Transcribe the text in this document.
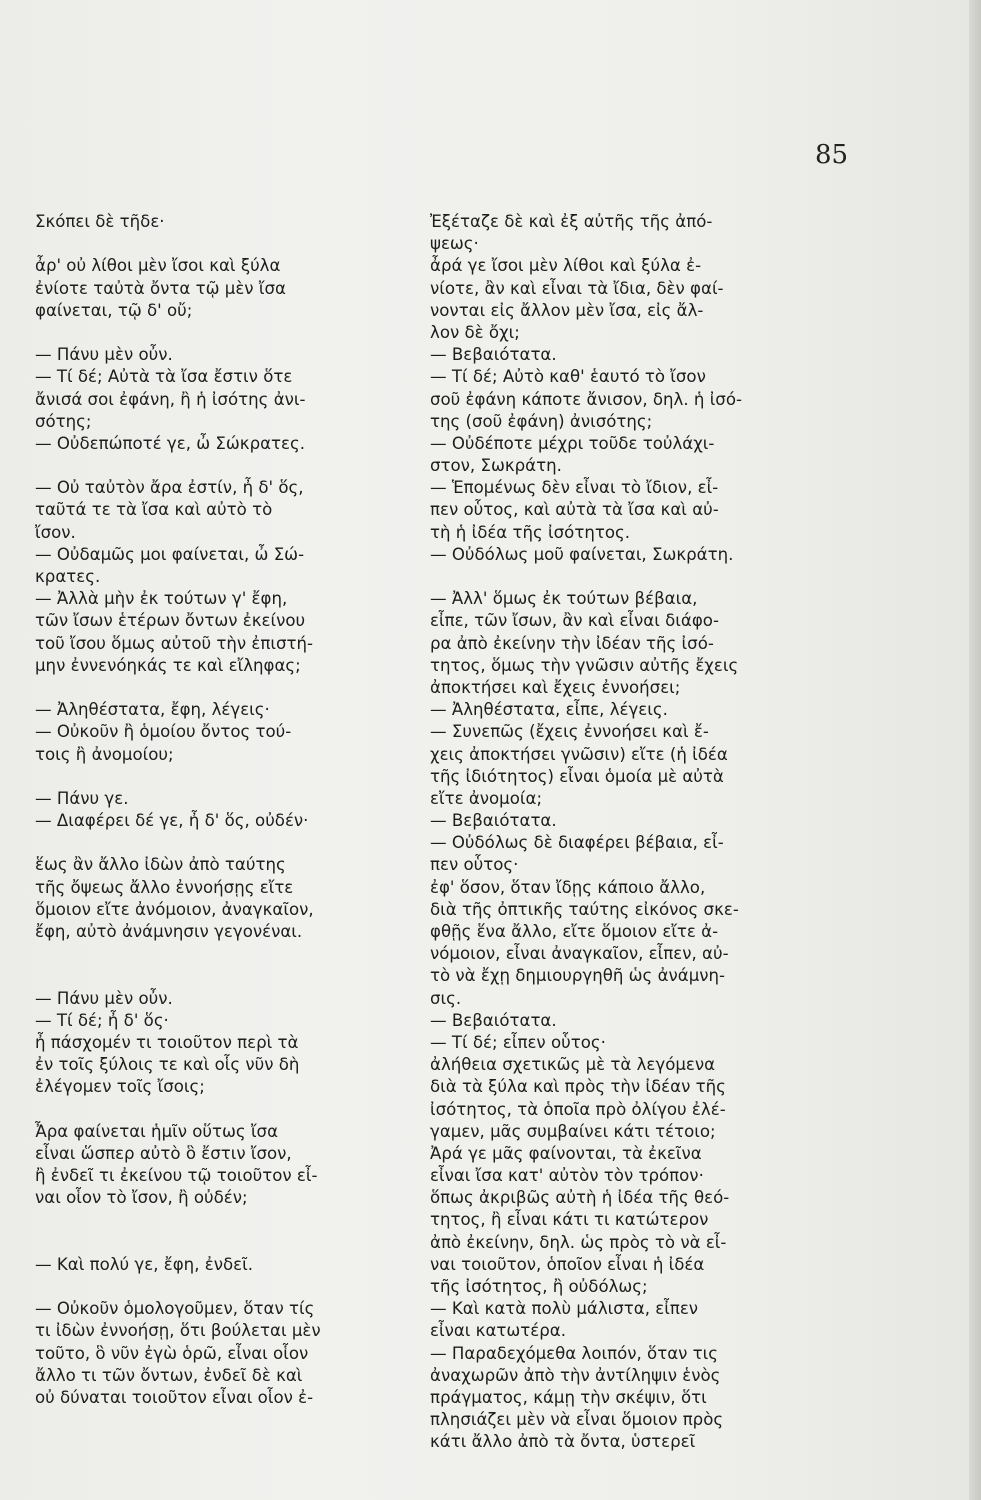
85
Σκόπει δὲ τῆδε·
ἆρ' οὐ λίθοι μὲν ἴσοι καὶ ξύλα
ἐνίοτε ταὐτὰ ὄντα τῷ μὲν ἴσα
φαίνεται, τῷ δ' οὔ;
— Πάνυ μὲν οὖν.
— Τί δέ; Αὐτὰ τὰ ἴσα ἔστιν ὅτε
ἄνισά σοι ἐφάνη, ἢ ἡ ἰσότης ἀνι-
σότης;
— Οὐδεπώποτέ γε, ὦ Σώκρατες.
— Οὐ ταὐτὸν ἄρα ἐστίν, ἦ δ' ὅς,
ταῦτά τε τὰ ἴσα καὶ αὐτὸ τὸ
ἴσον.
— Οὐδαμῶς μοι φαίνεται, ὦ Σώ-
κρατες.
— Ἀλλὰ μὴν ἐκ τούτων γ' ἔφη,
τῶν ἴσων ἑτέρων ὄντων ἐκείνου
τοῦ ἴσου ὅμως αὐτοῦ τὴν ἐπιστή-
μην ἐννενόηκάς τε καὶ εἴληφας;
— Ἀληθέστατα, ἔφη, λέγεις·
— Οὐκοῦν ἢ ὁμοίου ὄντος τού-
τοις ἢ ἀνομοίου;
— Πάνυ γε.
— Διαφέρει δέ γε, ἦ δ' ὅς, οὐδέν·
ἕως ἂν ἄλλο ἰδὼν ἀπὸ ταύτης
τῆς ὄψεως ἄλλο ἐννοήσῃς εἴτε
ὅμοιον εἴτε ἀνόμοιον, ἀναγκαῖον,
ἔφη, αὐτὸ ἀνάμνησιν γεγονέναι.
— Πάνυ μὲν οὖν.
— Τί δέ; ἦ δ' ὅς·
ἦ πάσχομέν τι τοιοῦτον περὶ τὰ
ἐν τοῖς ξύλοις τε καὶ οἷς νῦν δὴ
ἐλέγομεν τοῖς ἴσοις;
Ἆρα φαίνεται ἡμῖν οὕτως ἴσα
εἶναι ὥσπερ αὐτὸ ὃ ἔστιν ἴσον,
ἢ ἐνδεῖ τι ἐκείνου τῷ τοιοῦτον εἶ-
ναι οἷον τὸ ἴσον, ἢ οὐδέν;
— Καὶ πολύ γε, ἔφη, ἐνδεῖ.
— Οὐκοῦν ὁμολογοῦμεν, ὅταν τίς
τι ἰδὼν ἐννοήσῃ, ὅτι βούλεται μὲν
τοῦτο, ὃ νῦν ἐγὼ ὁρῶ, εἶναι οἷον
ἄλλο τι τῶν ὄντων, ἐνδεῖ δὲ καὶ
οὐ δύναται τοιοῦτον εἶναι οἷον ἐ-
Ἐξέταζε δὲ καὶ ἐξ αὐτῆς τῆς ἀπό-
ψεως·
ἆρά γε ἴσοι μὲν λίθοι καὶ ξύλα ἐ-
νίοτε, ἂν καὶ εἶναι τὰ ἴδια, δὲν φαί-
νονται εἰς ἄλλον μὲν ἴσα, εἰς ἄλ-
λον δὲ ὄχι;
— Βεβαιότατα.
— Τί δέ; Αὐτὸ καθ' ἑαυτό τὸ ἴσον
σοῦ ἐφάνη κάποτε ἄνισον, δηλ. ἡ ἰσό-
της (σοῦ ἐφάνη) ἀνισότης;
— Οὐδέποτε μέχρι τοῦδε τοὐλάχι-
στον, Σωκράτη.
— Ἑπομένως δὲν εἶναι τὸ ἴδιον, εἶ-
πεν οὗτος, καὶ αὐτὰ τὰ ἴσα καὶ αὐ-
τὴ ἡ ἰδέα τῆς ἰσότητος.
— Οὐδόλως μοῦ φαίνεται, Σωκράτη.
— Ἀλλ' ὅμως ἐκ τούτων βέβαια,
εἶπε, τῶν ἴσων, ἂν καὶ εἶναι διάφο-
ρα ἀπὸ ἐκείνην τὴν ἰδέαν τῆς ἰσό-
τητος, ὅμως τὴν γνῶσιν αὐτῆς ἔχεις
ἀποκτήσει καὶ ἔχεις ἐννοήσει;
— Ἀληθέστατα, εἶπε, λέγεις.
— Συνεπῶς (ἔχεις ἐννοήσει καὶ ἔ-
χεις ἀποκτήσει γνῶσιν) εἴτε (ἡ ἰδέα
τῆς ἰδιότητος) εἶναι ὁμοία μὲ αὐτὰ
εἴτε ἀνομοία;
— Βεβαιότατα.
— Οὐδόλως δὲ διαφέρει βέβαια, εἶ-
πεν οὗτος·
ἐφ' ὅσον, ὅταν ἴδῃς κάποιο ἄλλο,
διὰ τῆς ὀπτικῆς ταύτης εἰκόνος σκε-
φθῇς ἕνα ἄλλο, εἴτε ὅμοιον εἴτε ἀ-
νόμοιον, εἶναι ἀναγκαῖον, εἶπεν, αὐ-
τὸ νὰ ἔχῃ δημιουργηθῆ ὡς ἀνάμνη-
σις.
— Βεβαιότατα.
— Τί δέ; εἶπεν οὗτος·
ἀλήθεια σχετικῶς μὲ τὰ λεγόμενα
διὰ τὰ ξύλα καὶ πρὸς τὴν ἰδέαν τῆς
ἰσότητος, τὰ ὁποῖα πρὸ ὀλίγου ἐλέ-
γαμεν, μᾶς συμβαίνει κάτι τέτοιο;
Ἀρά γε μᾶς φαίνονται, τὰ ἐκεῖνα
εἶναι ἴσα κατ' αὐτὸν τὸν τρόπον·
ὅπως ἀκριβῶς αὐτὴ ἡ ἰδέα τῆς θεό-
τητος, ἢ εἶναι κάτι τι κατώτερον
ἀπὸ ἐκείνην, δηλ. ὡς πρὸς τὸ νὰ εἶ-
ναι τοιοῦτον, ὁποῖον εἶναι ἡ ἰδέα
τῆς ἰσότητος, ἢ οὐδόλως;
— Καὶ κατὰ πολὺ μάλιστα, εἶπεν
εἶναι κατωτέρα.
— Παραδεχόμεθα λοιπόν, ὅταν τις
ἀναχωρῶν ἀπὸ τὴν ἀντίληψιν ἑνὸς
πράγματος, κάμῃ τὴν σκέψιν, ὅτι
πλησιάζει μὲν νὰ εἶναι ὅμοιον πρὸς
κάτι ἄλλο ἀπὸ τὰ ὄντα, ὑστερεῖ
